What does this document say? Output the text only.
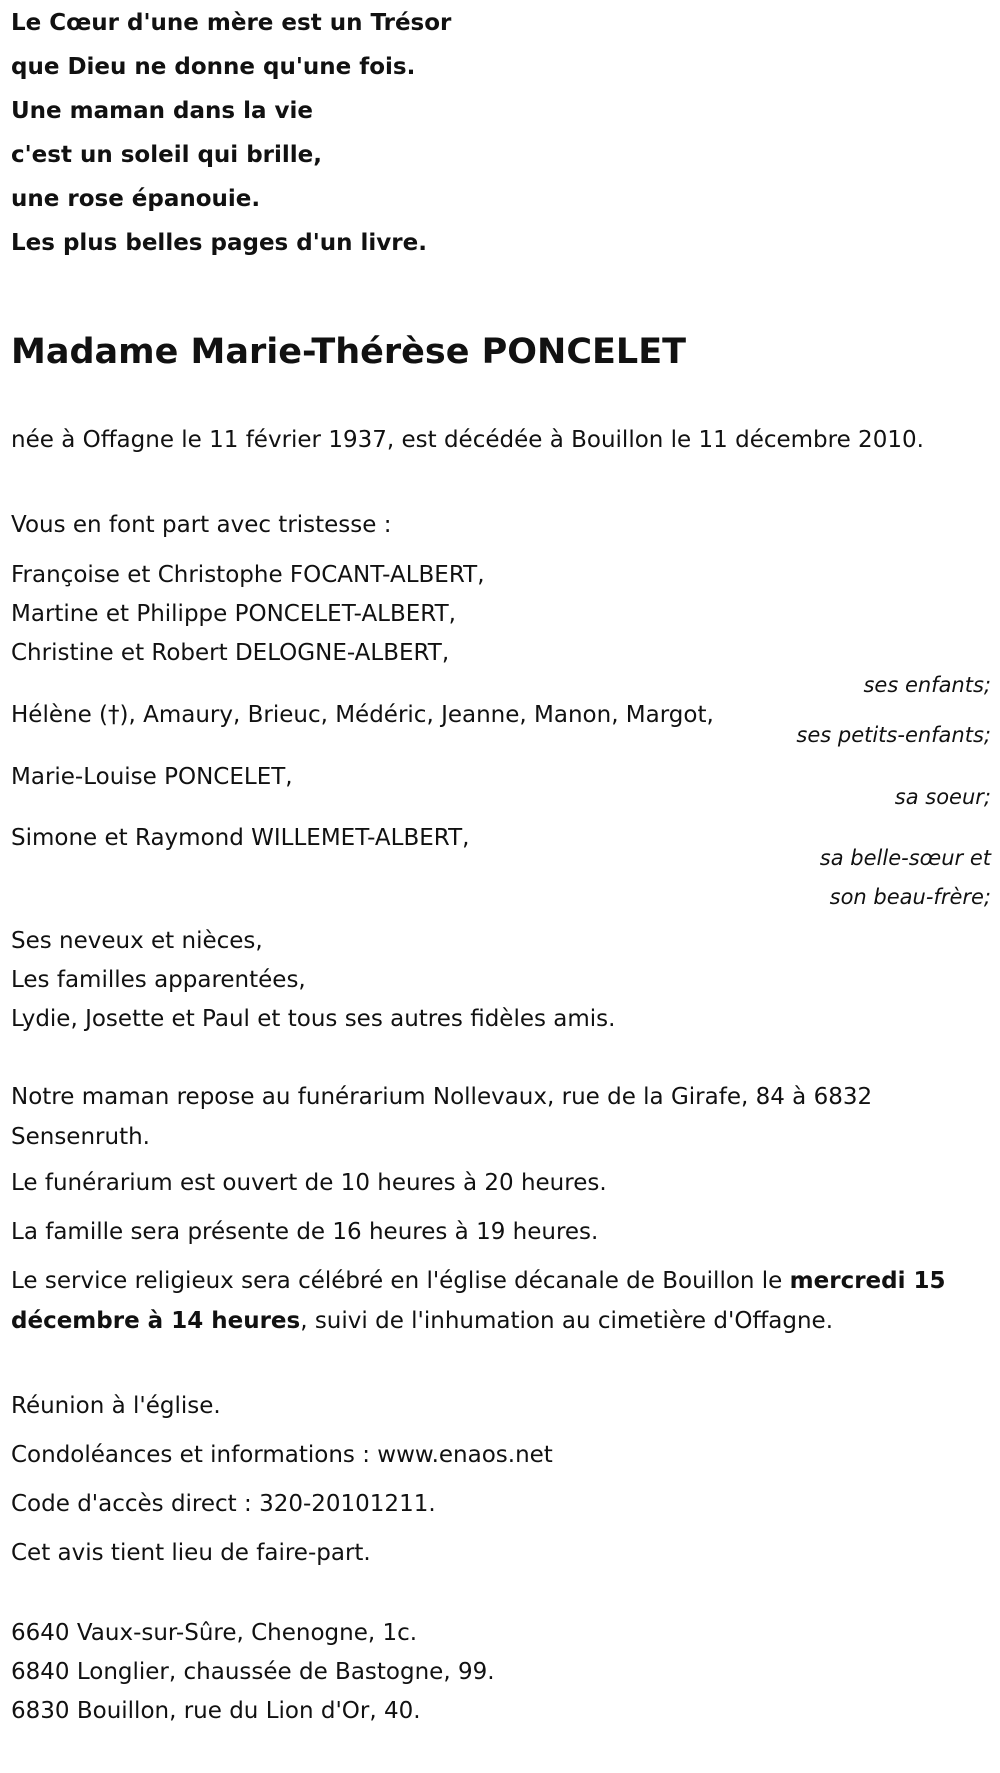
Le Cœur d'une mère est un Trésor
que Dieu ne donne qu'une fois.
Une maman dans la vie
c'est un soleil qui brille,
une rose épanouie.
Les plus belles pages d'un livre.
Madame Marie-Thérèse PONCELET
née à Offagne le 11 février 1937, est décédée à Bouillon le 11 décembre 2010.
Vous en font part avec tristesse :
Françoise et Christophe FOCANT-ALBERT,
Martine et Philippe PONCELET-ALBERT,
Christine et Robert DELOGNE-ALBERT,
ses enfants;
Hélène (†), Amaury, Brieuc, Médéric, Jeanne, Manon, Margot,
ses petits-enfants;
Marie-Louise PONCELET,
sa soeur;
Simone et Raymond WILLEMET-ALBERT,
sa belle-sœur et
son beau-frère;
Ses neveux et nièces,
Les familles apparentées,
Lydie, Josette et Paul et tous ses autres fidèles amis.
Notre maman repose au funérarium Nollevaux, rue de la Girafe, 84 à 6832 Sensenruth.
Le funérarium est ouvert de 10 heures à 20 heures.
La famille sera présente de 16 heures à 19 heures.
Le service religieux sera célébré en l'église décanale de Bouillon le mercredi 15 décembre à 14 heures, suivi de l'inhumation au cimetière d'Offagne.
Réunion à l'église.
Condoléances et informations : www.enaos.net
Code d'accès direct : 320-20101211.
Cet avis tient lieu de faire-part.
6640 Vaux-sur-Sûre, Chenogne, 1c.
6840 Longlier, chaussée de Bastogne, 99.
6830 Bouillon, rue du Lion d'Or, 40.
